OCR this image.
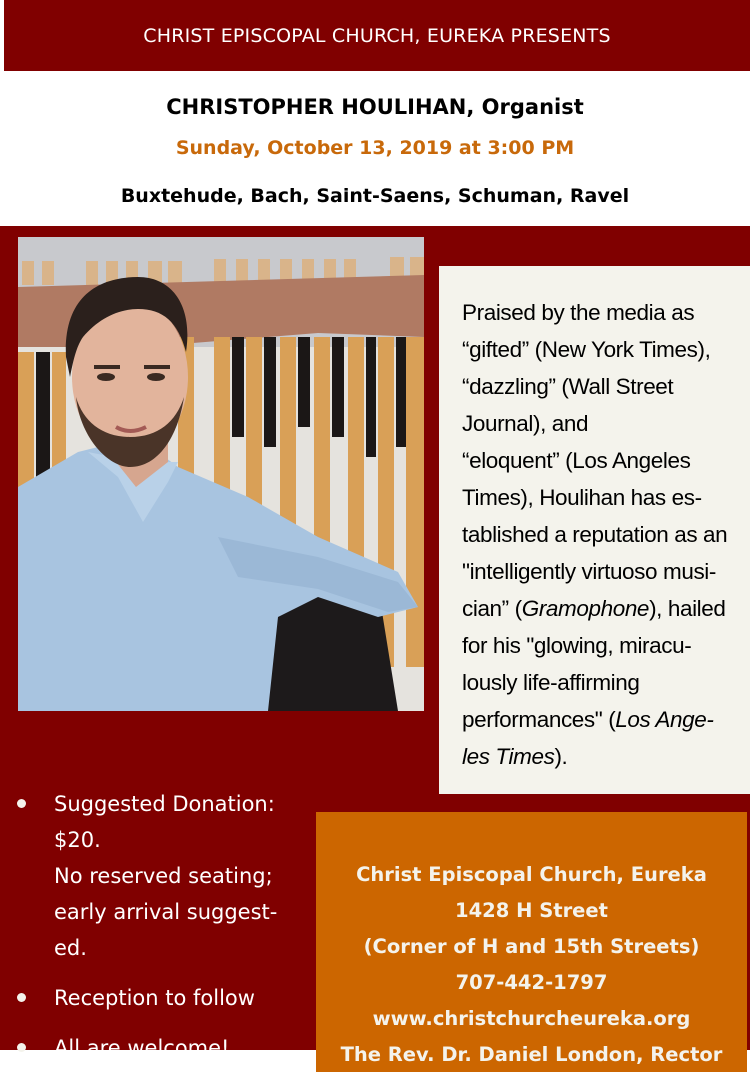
CHRIST EPISCOPAL CHURCH, EUREKA PRESENTS
CHRISTOPHER HOULIHAN, Organist
Sunday, October 13, 2019 at 3:00 PM
Buxtehude, Bach, Saint-Saens, Schuman, Ravel

Praised by the media as
“gifted” (New York Times),
“dazzling” (Wall Street
Journal), and
“eloquent” (Los Angeles
Times), Houlihan has es-
tablished a reputation as an
"intelligently virtuoso musi-
cian” (Gramophone), hailed
for his "glowing, miracu-
lously life-affirming
performances" (Los Ange-
les Times).

Suggested Donation:
$20.
No reserved seating;
early arrival suggest-
ed.
Reception to follow
All are welcome!
Christ Episcopal Church, Eureka
1428 H Street
(Corner of H and 15th Streets)
707-442-1797
www.christchurcheureka.org
The Rev. Dr. Daniel London, Rector
